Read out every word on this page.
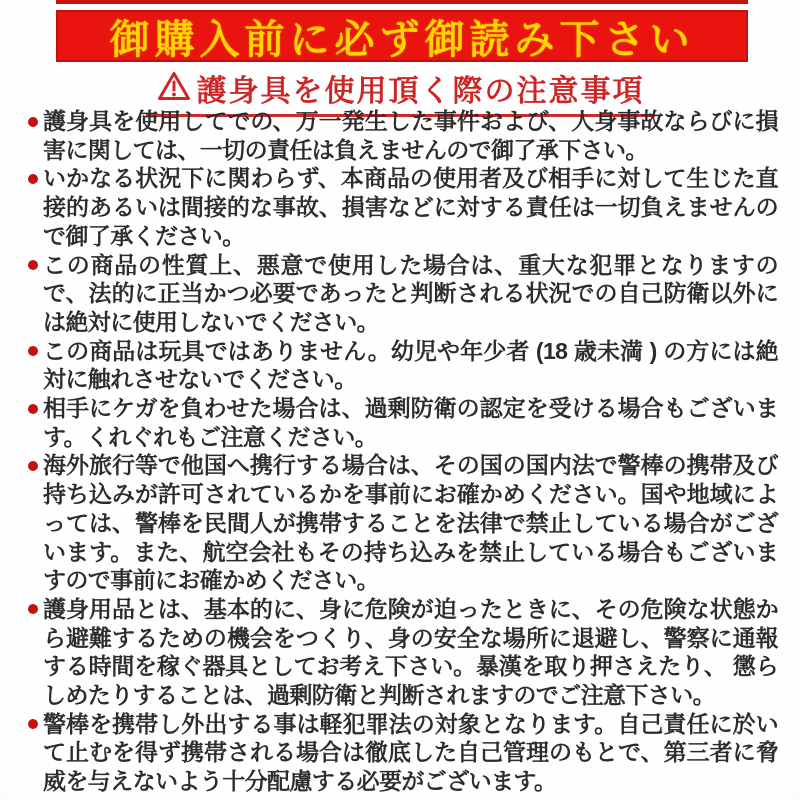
御購入前に必ず御読み下さい
護身具を使用頂く際の注意事項
護身具を使用してでの、万一発生した事件および、人身事故ならびに損害に関しては、一切の責任は負えませんので御了承下さい。
いかなる状況下に関わらず、本商品の使用者及び相手に対して生じた直接的あるいは間接的な事故、損害などに対する責任は一切負えませんので御了承ください。
この商品の性質上、悪意で使用した場合は、重大な犯罪となりますので、法的に正当かつ必要であったと判断される状況での自己防衛以外には絶対に使用しないでください。
この商品は玩具ではありません。幼児や年少者 (18 歳未満 ) の方には絶対に触れさせないでください。
相手にケガを負わせた場合は、過剰防衛の認定を受ける場合もございます。くれぐれもご注意ください。
海外旅行等で他国へ携行する場合は、その国の国内法で警棒の携帯及び持ち込みが許可されているかを事前にお確かめください。国や地域によっては、警棒を民間人が携帯することを法律で禁止している場合がございます。また、航空会社もその持ち込みを禁止している場合もございますので事前にお確かめください。
護身用品とは、基本的に、身に危険が迫ったときに、その危険な状態から避難するための機会をつくり、身の安全な場所に退避し、警察に通報する時間を稼ぐ器具としてお考え下さい。暴漢を取り押さえたり、 懲らしめたりすることは、過剰防衛と判断されますのでご注意下さい。
警棒を携帯し外出する事は軽犯罪法の対象となります。自己責任に於いて止むを得ず携帯される場合は徹底した自己管理のもとで、第三者に脅威を与えないよう十分配慮する必要がございます。
